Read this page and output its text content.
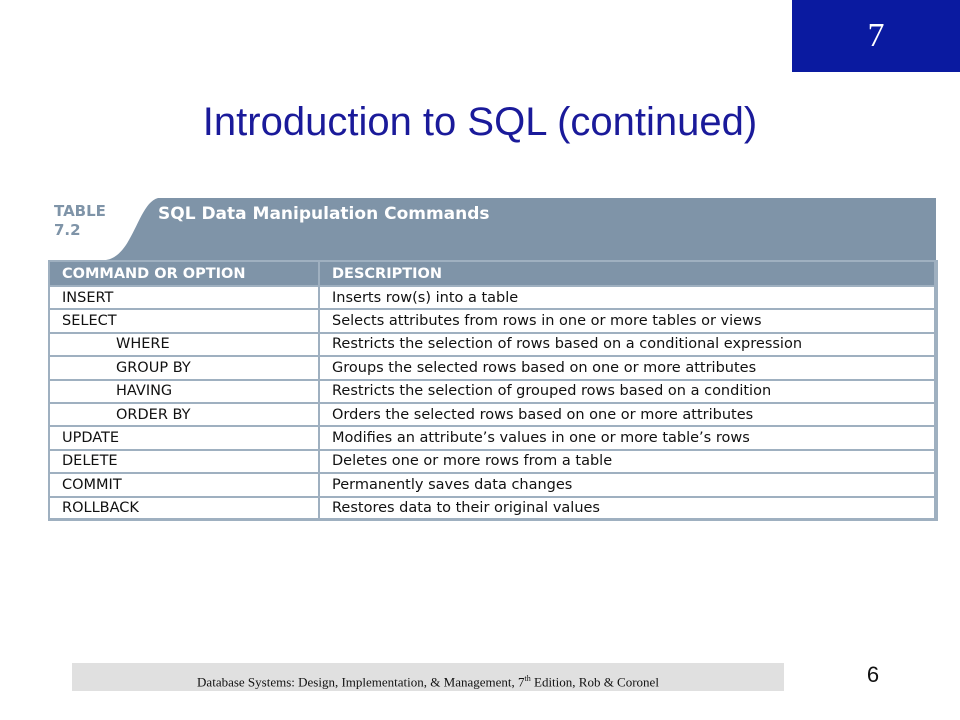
7
Introduction to SQL (continued)
TABLE
7.2
SQL Data Manipulation Commands
COMMAND OR OPTION	DESCRIPTION
INSERT	Inserts row(s) into a table
SELECT	Selects attributes from rows in one or more tables or views
WHERE	Restricts the selection of rows based on a conditional expression
GROUP BY	Groups the selected rows based on one or more attributes
HAVING	Restricts the selection of grouped rows based on a condition
ORDER BY	Orders the selected rows based on one or more attributes
UPDATE	Modifies an attribute’s values in one or more table’s rows
DELETE	Deletes one or more rows from a table
COMMIT	Permanently saves data changes
ROLLBACK	Restores data to their original values
Database Systems: Design, Implementation, & Management, 7th Edition, Rob & Coronel	6
